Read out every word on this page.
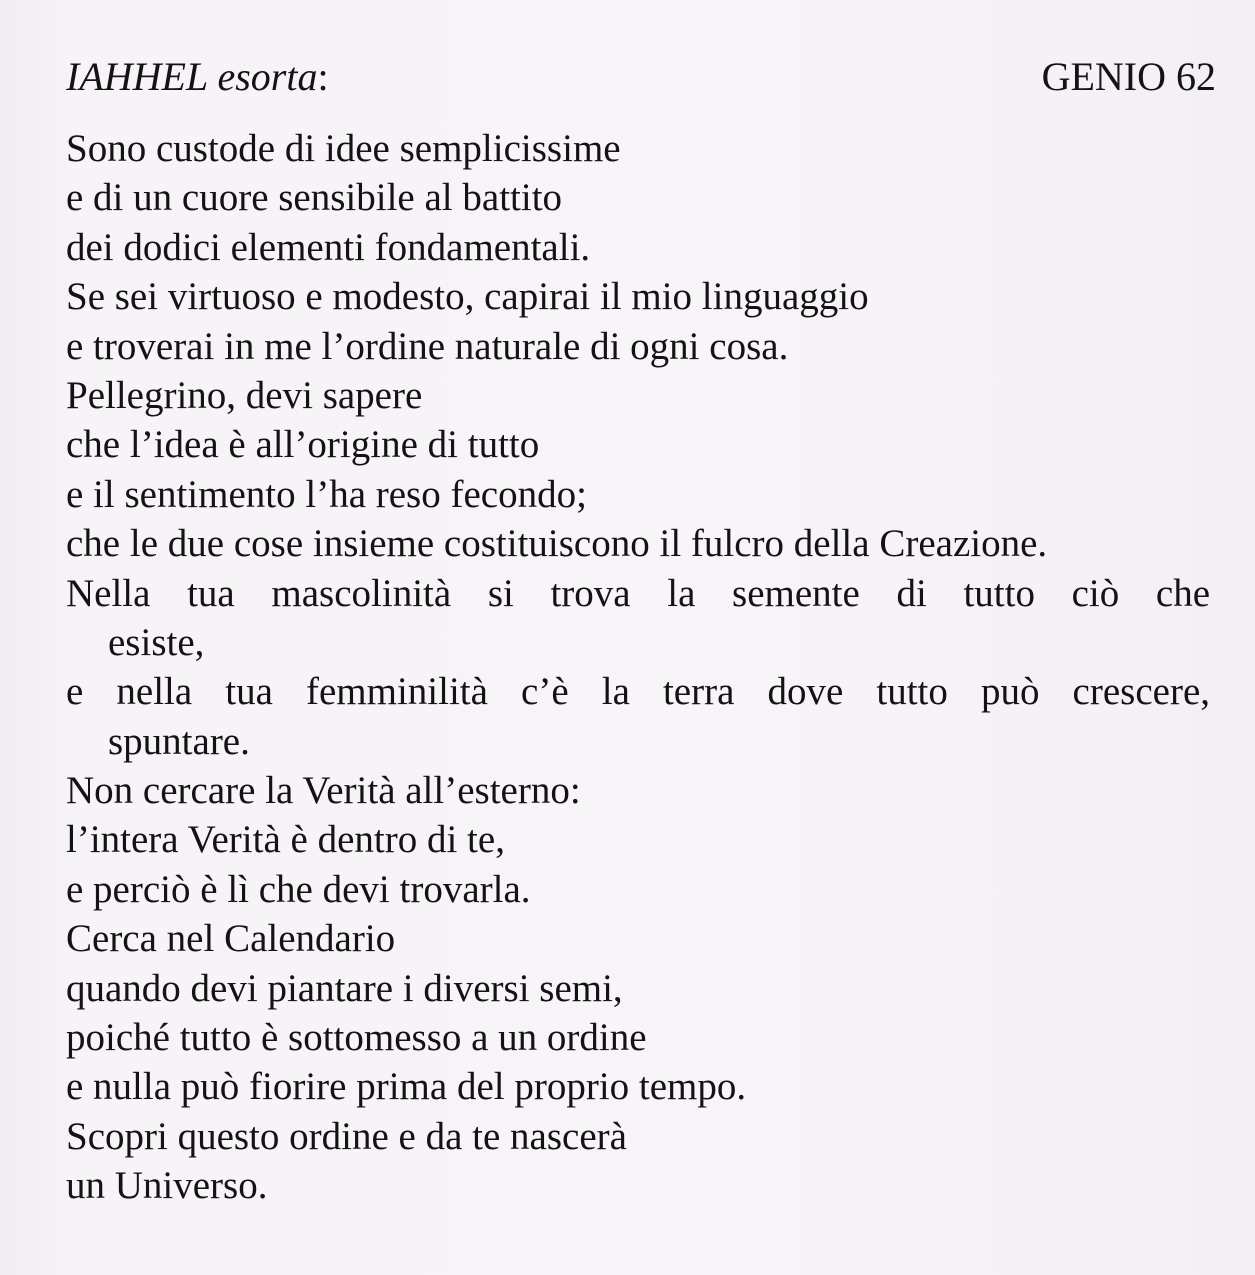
IAHHEL esorta:	GENIO 62
Sono custode di idee semplicissime
e di un cuore sensibile al battito
dei dodici elementi fondamentali.
Se sei virtuoso e modesto, capirai il mio linguaggio
e troverai in me l’ordine naturale di ogni cosa.
Pellegrino, devi sapere
che l’idea è all’origine di tutto
e il sentimento l’ha reso fecondo;
che le due cose insieme costituiscono il fulcro della Creazione.
Nella tua mascolinità si trova la semente di tutto ciò che
esiste,
e nella tua femminilità c’è la terra dove tutto può crescere,
spuntare.
Non cercare la Verità all’esterno:
l’intera Verità è dentro di te,
e perciò è lì che devi trovarla.
Cerca nel Calendario
quando devi piantare i diversi semi,
poiché tutto è sottomesso a un ordine
e nulla può fiorire prima del proprio tempo.
Scopri questo ordine e da te nascerà
un Universo.
